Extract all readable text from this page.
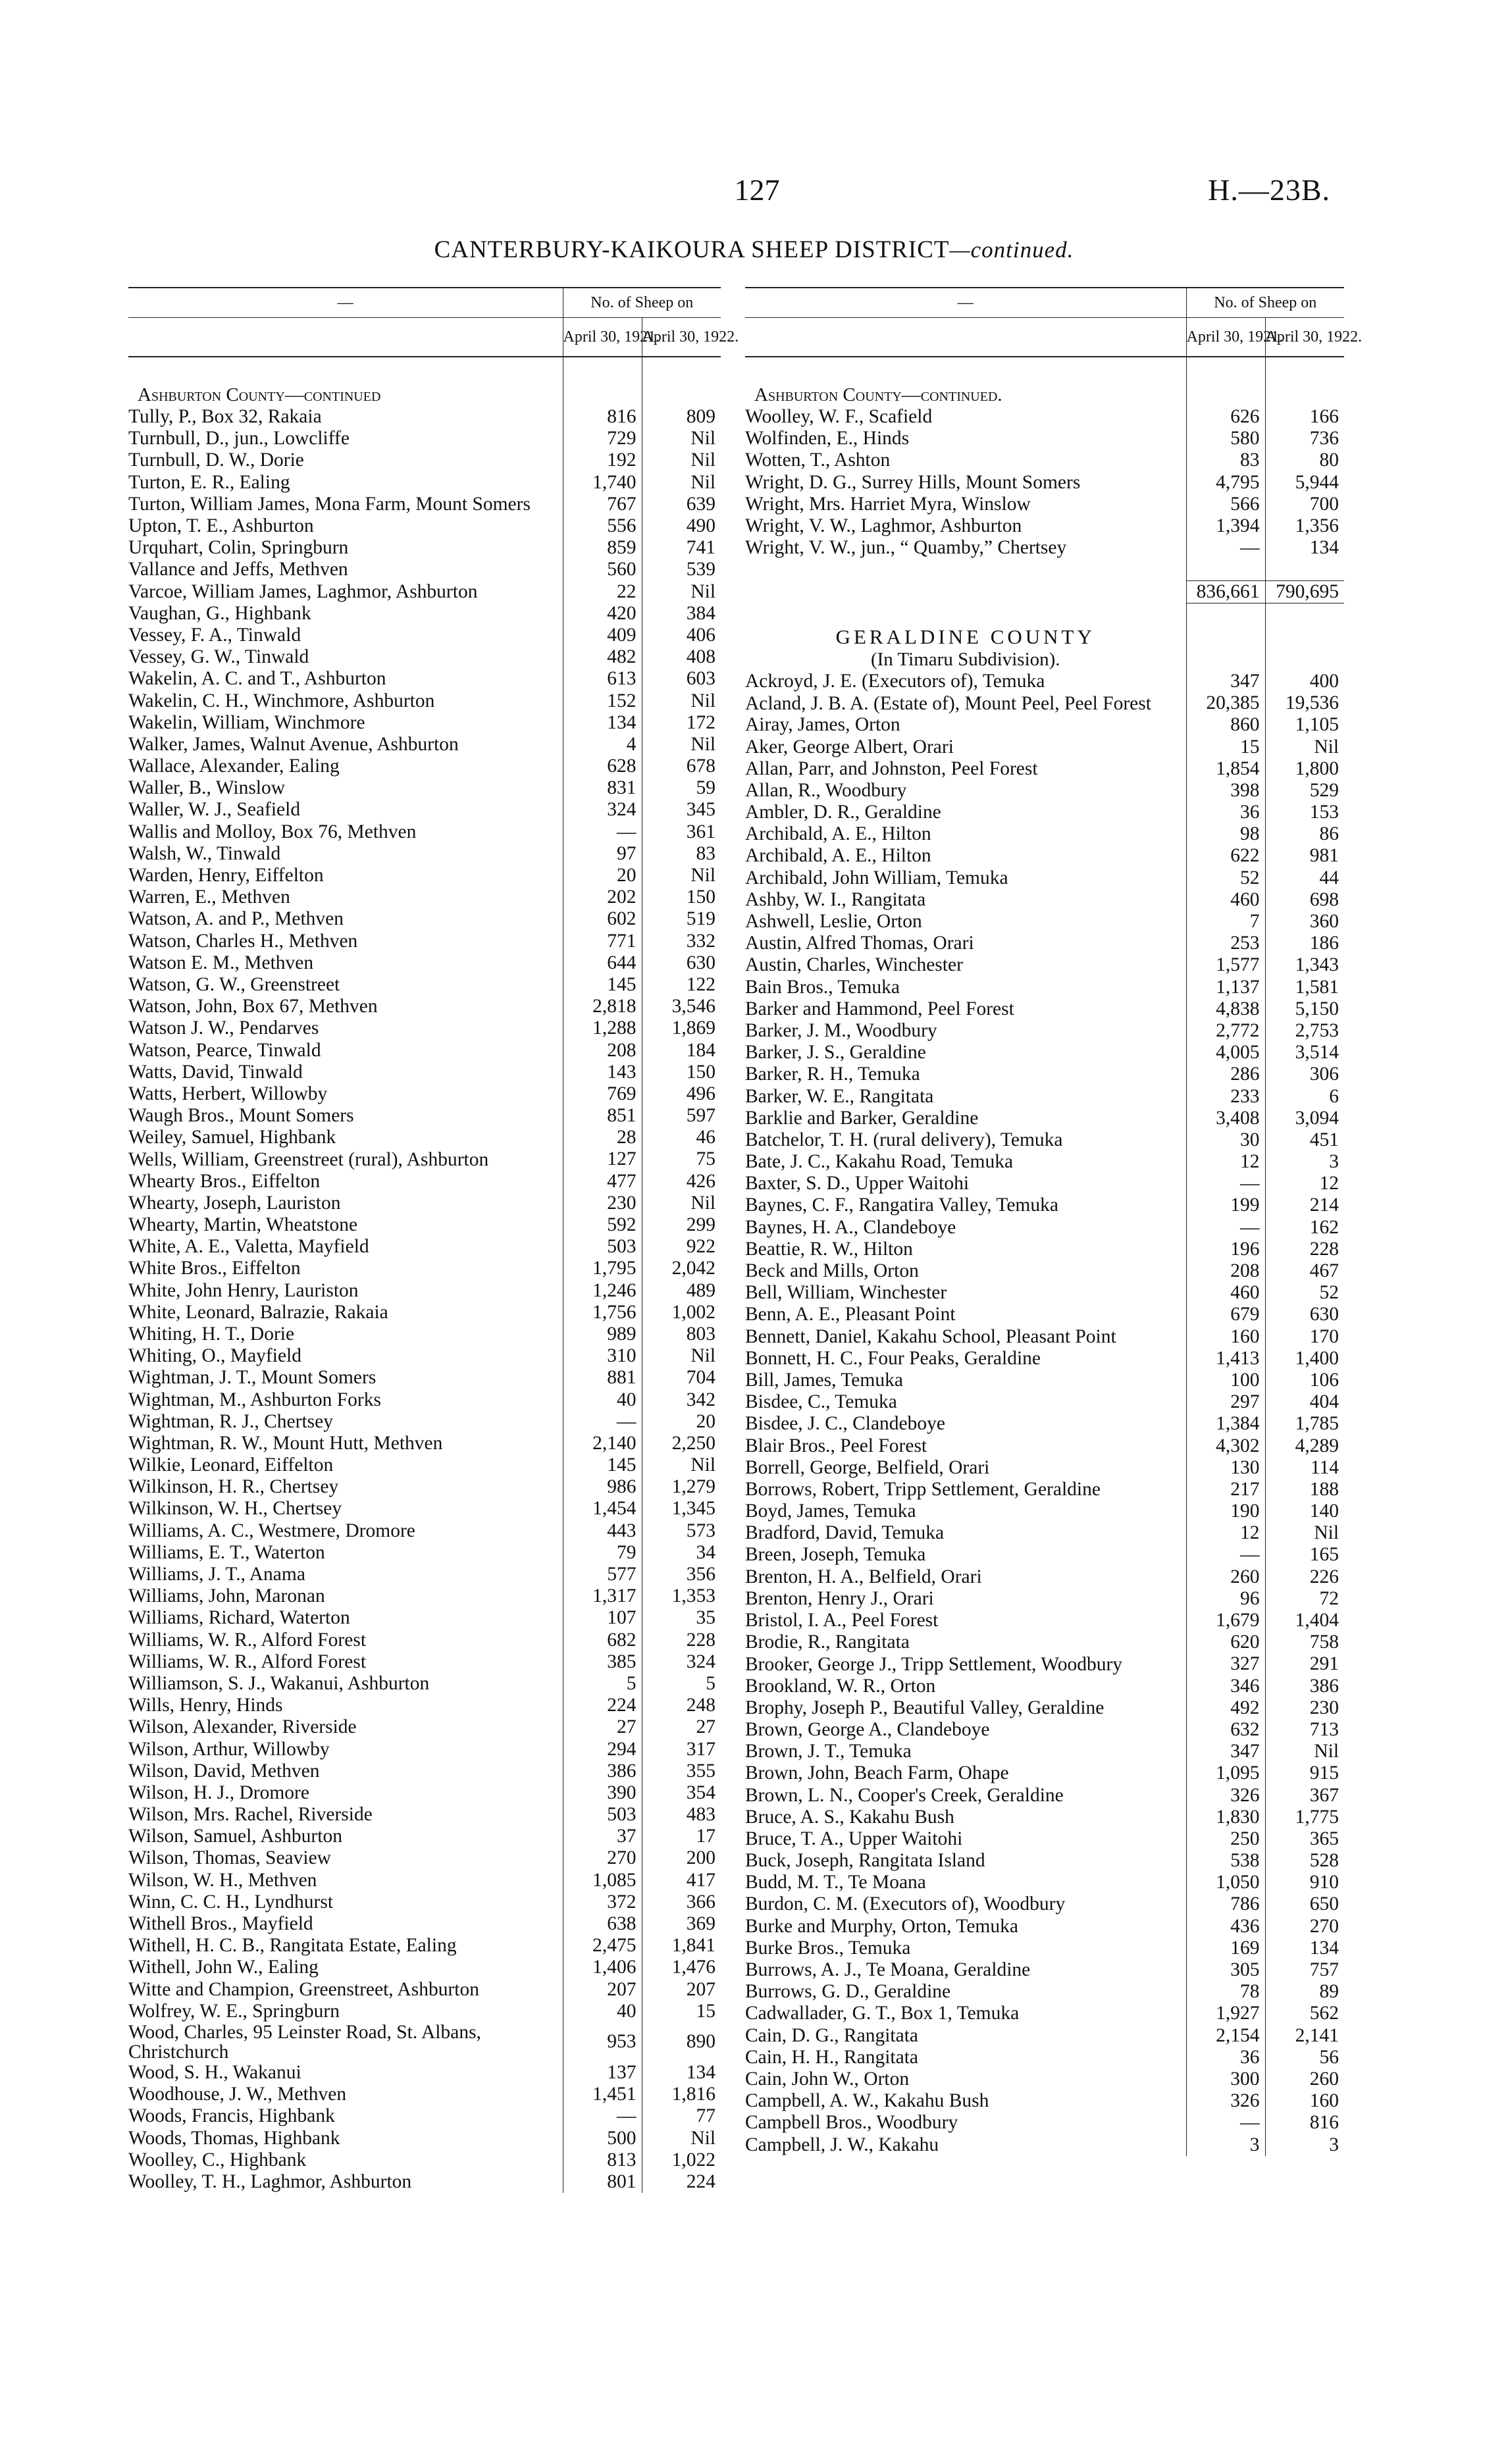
127	H.—23B.
CANTERBURY-KAIKOURA SHEEP DISTRICT—continued.
—	No. of Sheep on	
	April 30, 1921.	April 30, 1922.

Ashburton County—continued		
Tully, P., Box 32, Rakaia	816	809
Turnbull, D., jun., Lowcliffe	729	Nil
Turnbull, D. W., Dorie	192	Nil
Turton, E. R., Ealing	1,740	Nil
Turton, William James, Mona Farm, Mount Somers	767	639
Upton, T. E., Ashburton	556	490
Urquhart, Colin, Springburn	859	741
Vallance and Jeffs, Methven	560	539
Varcoe, William James, Laghmor, Ashburton	22	Nil
Vaughan, G., Highbank	420	384
Vessey, F. A., Tinwald	409	406
Vessey, G. W., Tinwald	482	408
Wakelin, A. C. and T., Ashburton	613	603
Wakelin, C. H., Winchmore, Ashburton	152	Nil
Wakelin, William, Winchmore	134	172
Walker, James, Walnut Avenue, Ashburton	4	Nil
Wallace, Alexander, Ealing	628	678
Waller, B., Winslow	831	59
Waller, W. J., Seafield	324	345
Wallis and Molloy, Box 76, Methven	—	361
Walsh, W., Tinwald	97	83
Warden, Henry, Eiffelton	20	Nil
Warren, E., Methven	202	150
Watson, A. and P., Methven	602	519
Watson, Charles H., Methven	771	332
Watson E. M., Methven	644	630
Watson, G. W., Greenstreet	145	122
Watson, John, Box 67, Methven	2,818	3,546
Watson J. W., Pendarves	1,288	1,869
Watson, Pearce, Tinwald	208	184
Watts, David, Tinwald	143	150
Watts, Herbert, Willowby	769	496
Waugh Bros., Mount Somers	851	597
Weiley, Samuel, Highbank	28	46
Wells, William, Greenstreet (rural), Ashburton	127	75
Whearty Bros., Eiffelton	477	426
Whearty, Joseph, Lauriston	230	Nil
Whearty, Martin, Wheatstone	592	299
White, A. E., Valetta, Mayfield	503	922
White Bros., Eiffelton	1,795	2,042
White, John Henry, Lauriston	1,246	489
White, Leonard, Balrazie, Rakaia	1,756	1,002
Whiting, H. T., Dorie	989	803
Whiting, O., Mayfield	310	Nil
Wightman, J. T., Mount Somers	881	704
Wightman, M., Ashburton Forks	40	342
Wightman, R. J., Chertsey	—	20
Wightman, R. W., Mount Hutt, Methven	2,140	2,250
Wilkie, Leonard, Eiffelton	145	Nil
Wilkinson, H. R., Chertsey	986	1,279
Wilkinson, W. H., Chertsey	1,454	1,345
Williams, A. C., Westmere, Dromore	443	573
Williams, E. T., Waterton	79	34
Williams, J. T., Anama	577	356
Williams, John, Maronan	1,317	1,353
Williams, Richard, Waterton	107	35
Williams, W. R., Alford Forest	682	228
Williams, W. R., Alford Forest	385	324
Williamson, S. J., Wakanui, Ashburton	5	5
Wills, Henry, Hinds	224	248
Wilson, Alexander, Riverside	27	27
Wilson, Arthur, Willowby	294	317
Wilson, David, Methven	386	355
Wilson, H. J., Dromore	390	354
Wilson, Mrs. Rachel, Riverside	503	483
Wilson, Samuel, Ashburton	37	17
Wilson, Thomas, Seaview	270	200
Wilson, W. H., Methven	1,085	417
Winn, C. C. H., Lyndhurst	372	366
Withell Bros., Mayfield	638	369
Withell, H. C. B., Rangitata Estate, Ealing	2,475	1,841
Withell, John W., Ealing	1,406	1,476
Witte and Champion, Greenstreet, Ashburton	207	207
Wolfrey, W. E., Springburn	40	15
Wood, Charles, 95 Leinster Road, St. Albans, Christchurch	953	890
Wood, S. H., Wakanui	137	134
Woodhouse, J. W., Methven	1,451	1,816
Woods, Francis, Highbank	—	77
Woods, Thomas, Highbank	500	Nil
Woolley, C., Highbank	813	1,022
Woolley, T. H., Laghmor, Ashburton	801	224
—	No. of Sheep on	
	April 30, 1921.	April 30, 1922.

Ashburton County—continued.		
Woolley, W. F., Scafield	626	166
Wolfinden, E., Hinds	580	736
Wotten, T., Ashton	83	80
Wright, D. G., Surrey Hills, Mount Somers	4,795	5,944
Wright, Mrs. Harriet Myra, Winslow	566	700
Wright, V. W., Laghmor, Ashburton	1,394	1,356
Wright, V. W., jun., “ Quamby,” Chertsey	—	134

	836,661	790,695

GERALDINE COUNTY		
(In Timaru Subdivision).		
Ackroyd, J. E. (Executors of), Temuka	347	400
Acland, J. B. A. (Estate of), Mount Peel, Peel Forest	20,385	19,536
Airay, James, Orton	860	1,105
Aker, George Albert, Orari	15	Nil
Allan, Parr, and Johnston, Peel Forest	1,854	1,800
Allan, R., Woodbury	398	529
Ambler, D. R., Geraldine	36	153
Archibald, A. E., Hilton	98	86
Archibald, A. E., Hilton	622	981
Archibald, John William, Temuka	52	44
Ashby, W. I., Rangitata	460	698
Ashwell, Leslie, Orton	7	360
Austin, Alfred Thomas, Orari	253	186
Austin, Charles, Winchester	1,577	1,343
Bain Bros., Temuka	1,137	1,581
Barker and Hammond, Peel Forest	4,838	5,150
Barker, J. M., Woodbury	2,772	2,753
Barker, J. S., Geraldine	4,005	3,514
Barker, R. H., Temuka	286	306
Barker, W. E., Rangitata	233	6
Barklie and Barker, Geraldine	3,408	3,094
Batchelor, T. H. (rural delivery), Temuka	30	451
Bate, J. C., Kakahu Road, Temuka	12	3
Baxter, S. D., Upper Waitohi	—	12
Baynes, C. F., Rangatira Valley, Temuka	199	214
Baynes, H. A., Clandeboye	—	162
Beattie, R. W., Hilton	196	228
Beck and Mills, Orton	208	467
Bell, William, Winchester	460	52
Benn, A. E., Pleasant Point	679	630
Bennett, Daniel, Kakahu School, Pleasant Point	160	170
Bonnett, H. C., Four Peaks, Geraldine	1,413	1,400
Bill, James, Temuka	100	106
Bisdee, C., Temuka	297	404
Bisdee, J. C., Clandeboye	1,384	1,785
Blair Bros., Peel Forest	4,302	4,289
Borrell, George, Belfield, Orari	130	114
Borrows, Robert, Tripp Settlement, Geraldine	217	188
Boyd, James, Temuka	190	140
Bradford, David, Temuka	12	Nil
Breen, Joseph, Temuka	—	165
Brenton, H. A., Belfield, Orari	260	226
Brenton, Henry J., Orari	96	72
Bristol, I. A., Peel Forest	1,679	1,404
Brodie, R., Rangitata	620	758
Brooker, George J., Tripp Settlement, Woodbury	327	291
Brookland, W. R., Orton	346	386
Brophy, Joseph P., Beautiful Valley, Geraldine	492	230
Brown, George A., Clandeboye	632	713
Brown, J. T., Temuka	347	Nil
Brown, John, Beach Farm, Ohape	1,095	915
Brown, L. N., Cooper's Creek, Geraldine	326	367
Bruce, A. S., Kakahu Bush	1,830	1,775
Bruce, T. A., Upper Waitohi	250	365
Buck, Joseph, Rangitata Island	538	528
Budd, M. T., Te Moana	1,050	910
Burdon, C. M. (Executors of), Woodbury	786	650
Burke and Murphy, Orton, Temuka	436	270
Burke Bros., Temuka	169	134
Burrows, A. J., Te Moana, Geraldine	305	757
Burrows, G. D., Geraldine	78	89
Cadwallader, G. T., Box 1, Temuka	1,927	562
Cain, D. G., Rangitata	2,154	2,141
Cain, H. H., Rangitata	36	56
Cain, John W., Orton	300	260
Campbell, A. W., Kakahu Bush	326	160
Campbell Bros., Woodbury	—	816
Campbell, J. W., Kakahu	3	3
